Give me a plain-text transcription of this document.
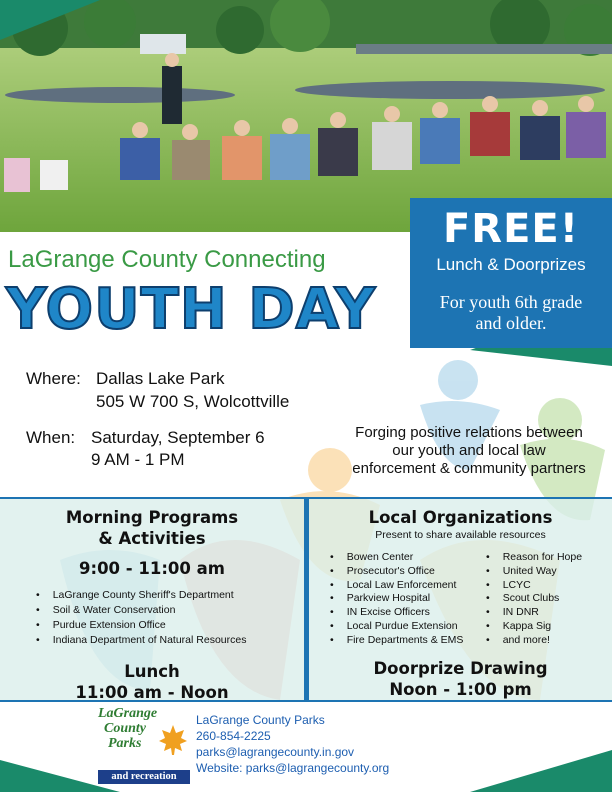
FREE!
Lunch & Doorprizes
For youth 6th grade
and older.
LaGrange County Connecting
YOUTH DAY
Where: Dallas Lake Park
505 W 700 S, Wolcottville
When: Saturday, September 6
9 AM - 1 PM
Forging positive relations between
our youth and local law
enforcement & community partners
Morning Programs
& Activities
9:00 - 11:00 am
• LaGrange County Sheriff's Department
• Soil & Water Conservation
• Purdue Extension Office
• Indiana Department of Natural Resources
Lunch
11:00 am - Noon
Local Organizations
Present to share available resources
• Bowen Center
• Prosecutor's Office
• Local Law Enforcement
• Parkview Hospital
• IN Excise Officers
• Local Purdue Extension
• Fire Departments & EMS
• Reason for Hope
• United Way
• LCYC
• Scout Clubs
• IN DNR
• Kappa Sig
• and more!
Doorprize Drawing
Noon - 1:00 pm
LaGrange
County
Parks
and recreation
LaGrange County Parks
260-854-2225
parks@lagrangecounty.in.gov
Website: parks@lagrangecounty.org
